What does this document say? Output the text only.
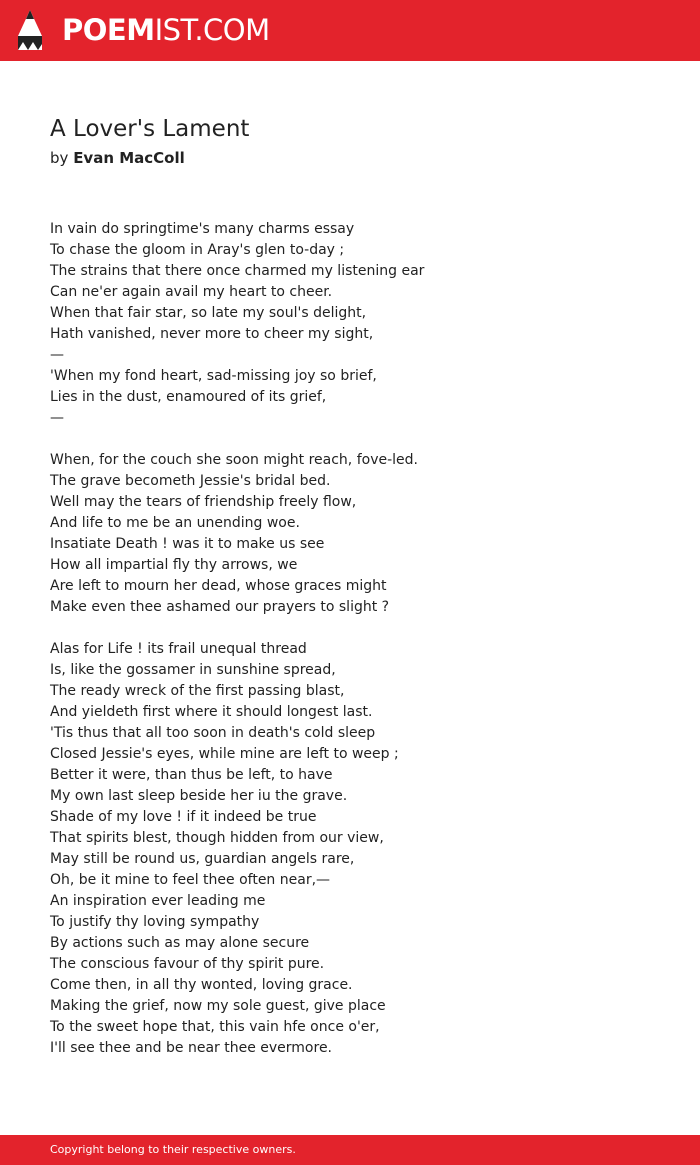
POEMIST.COM
A Lover's Lament
by Evan MacColl
In vain do springtime's many charms essay
To chase the gloom in Aray's glen to-day ;
The strains that there once charmed my listening ear
Can ne'er again avail my heart to cheer.
When that fair star, so late my soul's delight,
Hath vanished, never more to cheer my sight,
—
'When my fond heart, sad-missing joy so brief,
Lies in the dust, enamoured of its grief,
—
When, for the couch she soon might reach, fove-led.
The grave becometh Jessie's bridal bed.
Well may the tears of friendship freely flow,
And life to me be an unending woe.
Insatiate Death ! was it to make us see
How all impartial fly thy arrows, we
Are left to mourn her dead, whose graces might
Make even thee ashamed our prayers to slight ?
Alas for Life ! its frail unequal thread
Is, like the gossamer in sunshine spread,
The ready wreck of the first passing blast,
And yieldeth first where it should longest last.
'Tis thus that all too soon in death's cold sleep
Closed Jessie's eyes, while mine are left to weep ;
Better it were, than thus be left, to have
My own last sleep beside her iu the grave.
Shade of my love ! if it indeed be true
That spirits blest, though hidden from our view,
May still be round us, guardian angels rare,
Oh, be it mine to feel thee often near,—
An inspiration ever leading me
To justify thy loving sympathy
By actions such as may alone secure
The conscious favour of thy spirit pure.
Come then, in all thy wonted, loving grace.
Making the grief, now my sole guest, give place
To the sweet hope that, this vain hfe once o'er,
I'll see thee and be near thee evermore.
Copyright belong to their respective owners.
